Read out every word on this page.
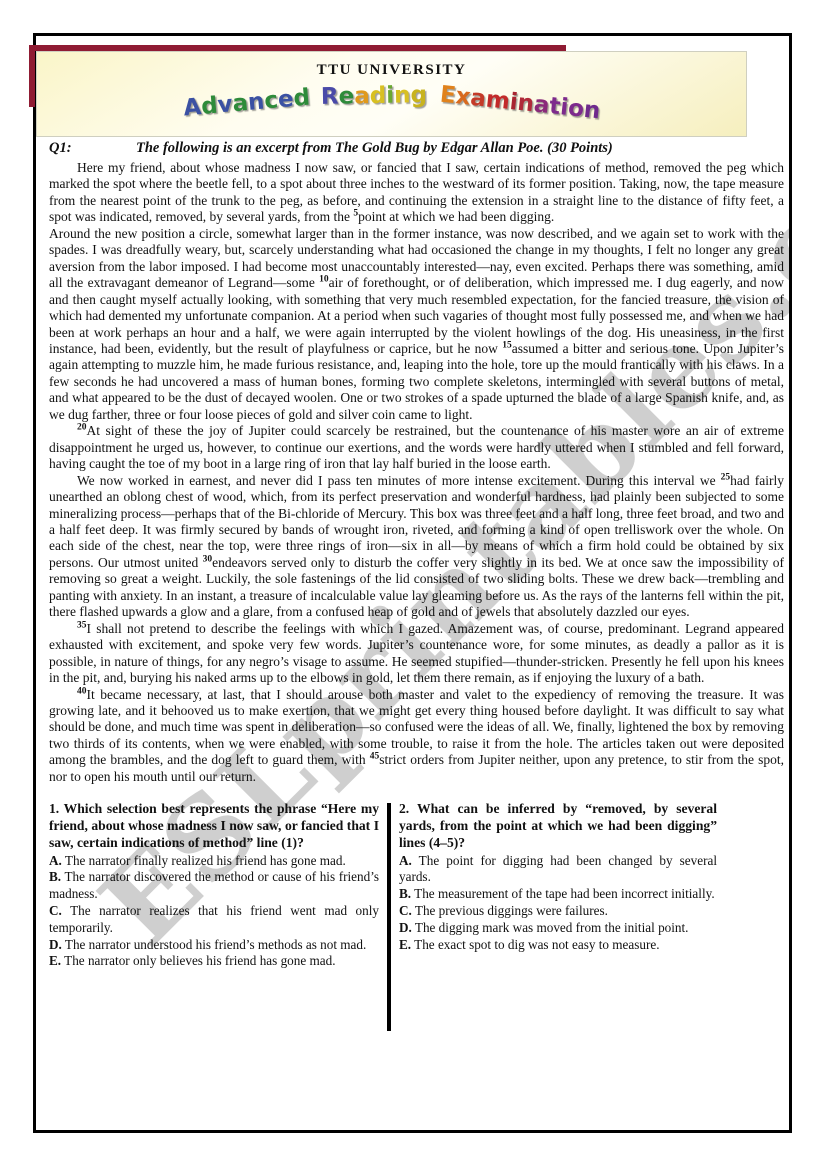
TTU UNIVERSITY
Advanced Reading Examination
Q1:	The following is an excerpt from The Gold Bug by Edgar Allan Poe. (30 Points)

Here my friend, about whose madness I now saw, or fancied that I saw, certain indications of method, removed the peg which marked the spot where the beetle fell, to a spot about three inches to the westward of its former position. Taking, now, the tape measure from the nearest point of the trunk to the peg, as before, and continuing the extension in a straight line to the distance of fifty feet, a spot was indicated, removed, by several yards, from the $^5$point at which we had been digging.

Around the new position a circle, somewhat larger than in the former instance, was now described, and we again set to work with the spades. I was dreadfully weary, but, scarcely understanding what had occasioned the change in my thoughts, I felt no longer any great aversion from the labor imposed. I had become most unaccountably interested—nay, even excited. Perhaps there was something, amid all the extravagant demeanor of Legrand—some $^{10}$air of forethought, or of deliberation, which impressed me. I dug eagerly, and now and then caught myself actually looking, with something that very much resembled expectation, for the fancied treasure, the vision of which had demented my unfortunate companion. At a period when such vagaries of thought most fully possessed me, and when we had been at work perhaps an hour and a half, we were again interrupted by the violent howlings of the dog. His uneasiness, in the first instance, had been, evidently, but the result of playfulness or caprice, but he now $^{15}$assumed a bitter and serious tone. Upon Jupiter’s again attempting to muzzle him, he made furious resistance, and, leaping into the hole, tore up the mould frantically with his claws. In a few seconds he had uncovered a mass of human bones, forming two complete skeletons, intermingled with several buttons of metal, and what appeared to be the dust of decayed woolen. One or two strokes of a spade upturned the blade of a large Spanish knife, and, as we dug farther, three or four loose pieces of gold and silver coin came to light.

$^{20}$At sight of these the joy of Jupiter could scarcely be restrained, but the countenance of his master wore an air of extreme disappointment he urged us, however, to continue our exertions, and the words were hardly uttered when I stumbled and fell forward, having caught the toe of my boot in a large ring of iron that lay half buried in the loose earth.

We now worked in earnest, and never did I pass ten minutes of more intense excitement. During this interval we $^{25}$had fairly unearthed an oblong chest of wood, which, from its perfect preservation and wonderful hardness, had plainly been subjected to some mineralizing process—perhaps that of the Bi-chloride of Mercury. This box was three feet and a half long, three feet broad, and two and a half feet deep. It was firmly secured by bands of wrought iron, riveted, and forming a kind of open trelliswork over the whole. On each side of the chest, near the top, were three rings of iron—six in all—by means of which a firm hold could be obtained by six persons. Our utmost united $^{30}$endeavors served only to disturb the coffer very slightly in its bed. We at once saw the impossibility of removing so great a weight. Luckily, the sole fastenings of the lid consisted of two sliding bolts. These we drew back—trembling and panting with anxiety. In an instant, a treasure of incalculable value lay gleaming before us. As the rays of the lanterns fell within the pit, there flashed upwards a glow and a glare, from a confused heap of gold and of jewels that absolutely dazzled our eyes.

$^{35}$I shall not pretend to describe the feelings with which I gazed. Amazement was, of course, predominant. Legrand appeared exhausted with excitement, and spoke very few words. Jupiter’s countenance wore, for some minutes, as deadly a pallor as it is possible, in nature of things, for any negro’s visage to assume. He seemed stupified—thunder-stricken. Presently he fell upon his knees in the pit, and, burying his naked arms up to the elbows in gold, let them there remain, as if enjoying the luxury of a bath.

$^{40}$It became necessary, at last, that I should arouse both master and valet to the expediency of removing the treasure. It was growing late, and it behooved us to make exertion, that we might get every thing housed before daylight. It was difficult to say what should be done, and much time was spent in deliberation—so confused were the ideas of all. We, finally, lightened the box by removing two thirds of its contents, when we were enabled, with some trouble, to raise it from the hole. The articles taken out were deposited among the brambles, and the dog left to guard them, with $^{45}$strict orders from Jupiter neither, upon any pretence, to stir from the spot, nor to open his mouth until our return.

1. Which selection best represents the phrase “Here my friend, about whose madness I now saw, or fancied that I saw, certain indications of method” line (1)?
A. The narrator finally realized his friend has gone mad.
B. The narrator discovered the method or cause of his friend’s madness.
C. The narrator realizes that his friend went mad only temporarily.
D. The narrator understood his friend’s methods as not mad.
E. The narrator only believes his friend has gone mad.
2. What can be inferred by “removed, by several yards, from the point at which we had been digging” lines (4–5)?
A. The point for digging had been changed by several yards.
B. The measurement of the tape had been incorrect initially.
C. The previous diggings were failures.
D. The digging mark was moved from the initial point.
E. The exact spot to dig was not easy to measure.
